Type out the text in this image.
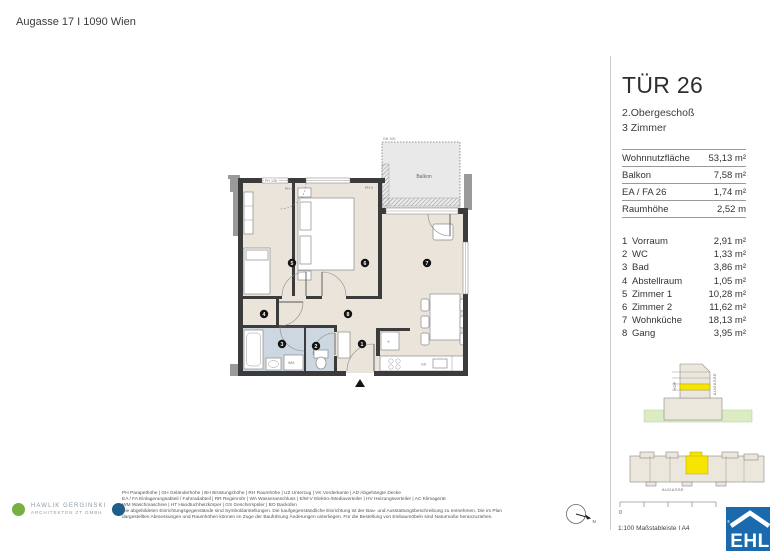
Augasse 17 I 1090 Wien
Balkon
GH 100
GS
✳
WM
PH 135
PH 0	PH 0
1
2
3
4
5	6	7
8
TÜR 26
2.Obergeschoß
3 Zimmer
Wohnnutzfläche 53,13 m²
Balkon	7,58 m²
EA / FA 26	1,74 m²
Raumhöhe	2,52 m
1 Vorraum	2,91 m²
2 WC	1,33 m²
3 Bad	3,86 m²
4 Abstellraum	1,05 m²
5 Zimmer 1	10,28 m²
6 Zimmer 2	11,62 m²
7 Wohnküche	18,13 m²
8 Gang	3,95 m²
HOF	AUGASSE
AUGASSE
HAWLIK GERGINSKI
ARCHITEKTEN ZT GMBH
PH Parapethöhe | GH Geländerhöhe | BH Brüstungshöhe | RH Raumhöhe | UZ Unterzug | VK Vorderkante | AD Abgehängte Decke
EA / FA Einlagerungsabteil / Fahrradabteil | RR Regenrohr | WA Wasseranschluss | E/M-V Elektro-/Mediaverteiler | HV Heizungsverteiler | AC Klimagerät
WM Waschmaschine | HT Handtuchheizkörper | GS Geschirrspüler | BO Backofen
Die abgebildeten Einrichtungsgegenstände sind Symboldarstellungen. Die kaufgegenständliche Einrichtung ist der Bau- und Ausstattungsbeschreibung zu entnehmen. Die im Plan
dargestellten Abmessungen und Raumhöhen können im Zuge der Bauführung Änderungen unterliegen. Für die Bestellung von Einbaumöbeln sind Naturmaße heranzuziehen.
N
0
1:100 Maßstableiste I A4
®
EHL
